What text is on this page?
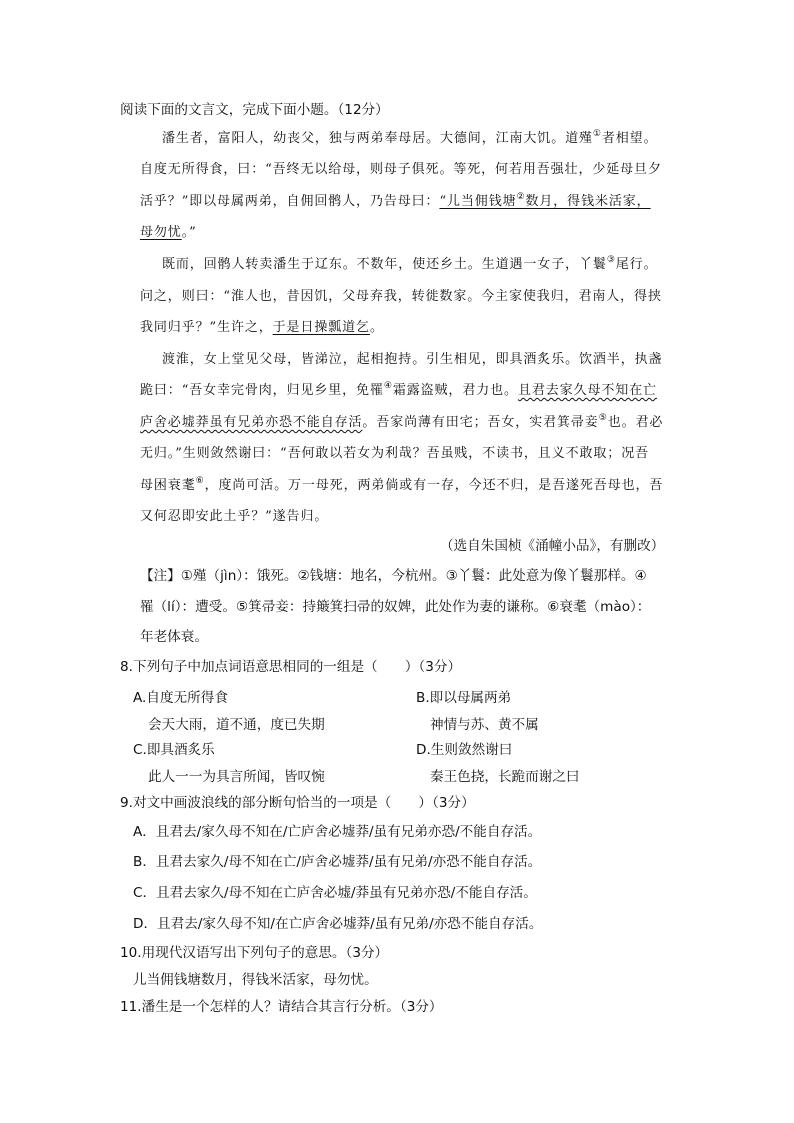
阅读下面的文言文，完成下面小题。（12分）
潘生者，富阳人，幼丧父，独与两弟奉母居。大德间，江南大饥。道殣①者相望。
自度无所得食，曰：“吾终无以给母，则母子俱死。等死，何若用吾强壮，少延母旦夕
活乎？”即以母属两弟，自佣回鹘人，乃告母曰：“儿当佣钱塘②数月，得钱米活家，
母勿忧。”
既而，回鹘人转卖潘生于辽东。不数年，使还乡土。生道遇一女子，丫鬟③尾行。
问之，则曰：“淮人也，昔因饥，父母弃我，转徙数家。今主家使我归，君南人，得挟
我同归乎？”生许之，于是日操瓢道乞。
渡淮，女上堂见父母，皆涕泣，起相抱持。引生相见，即具酒炙乐。饮酒半，执盏
跪曰：“吾女幸完骨肉，归见乡里，免罹④霜露盗贼，君力也。且君去家久母不知在亡
庐舍必墟莽虽有兄弟亦恐不能自存活。吾家尚薄有田宅；吾女，实君箕帚妾⑤也。君必
无归。”生则敛然谢曰：“吾何敢以若女为利哉？吾虽贱，不读书，且义不敢取；况吾
母困衰耄⑥，度尚可活。万一母死，两弟倘或有一存，今还不归，是吾遂死吾母也，吾
又何忍即安此土乎？”遂告归。
（选自朱国桢《涌幢小品》，有删改）
【注】①殣（jìn）：饿死。②钱塘：地名，今杭州。③丫鬟：此处意为像丫鬟那样。④
罹（lí）：遭受。⑤箕帚妾：持簸箕扫帚的奴婢，此处作为妻的谦称。⑥衰耄（mào）：
年老体衰。
8.下列句子中加点词语意思相同的一组是（　　）（3分）
A.自度无所得食
会天大雨，道不通，度已失期
B.即以母属两弟
神情与苏、黄不属
C.即具酒炙乐
此人一一为具言所闻，皆叹惋
D.生则敛然谢曰
秦王色挠，长跪而谢之曰
9.对文中画波浪线的部分断句恰当的一项是（　　）（3分）
A．且君去/家久母不知在/亡庐舍必墟莽/虽有兄弟亦恐/不能自存活。
B．且君去家久/母不知在亡/庐舍必墟莽/虽有兄弟/亦恐不能自存活。
C．且君去家久/母不知在亡庐舍必墟/莽虽有兄弟亦恐/不能自存活。
D．且君去/家久母不知/在亡庐舍必墟莽/虽有兄弟/亦恐不能自存活。
10.用现代汉语写出下列句子的意思。（3分）
儿当佣钱塘数月，得钱米活家，母勿忧。
11.潘生是一个怎样的人？请结合其言行分析。（3分）
